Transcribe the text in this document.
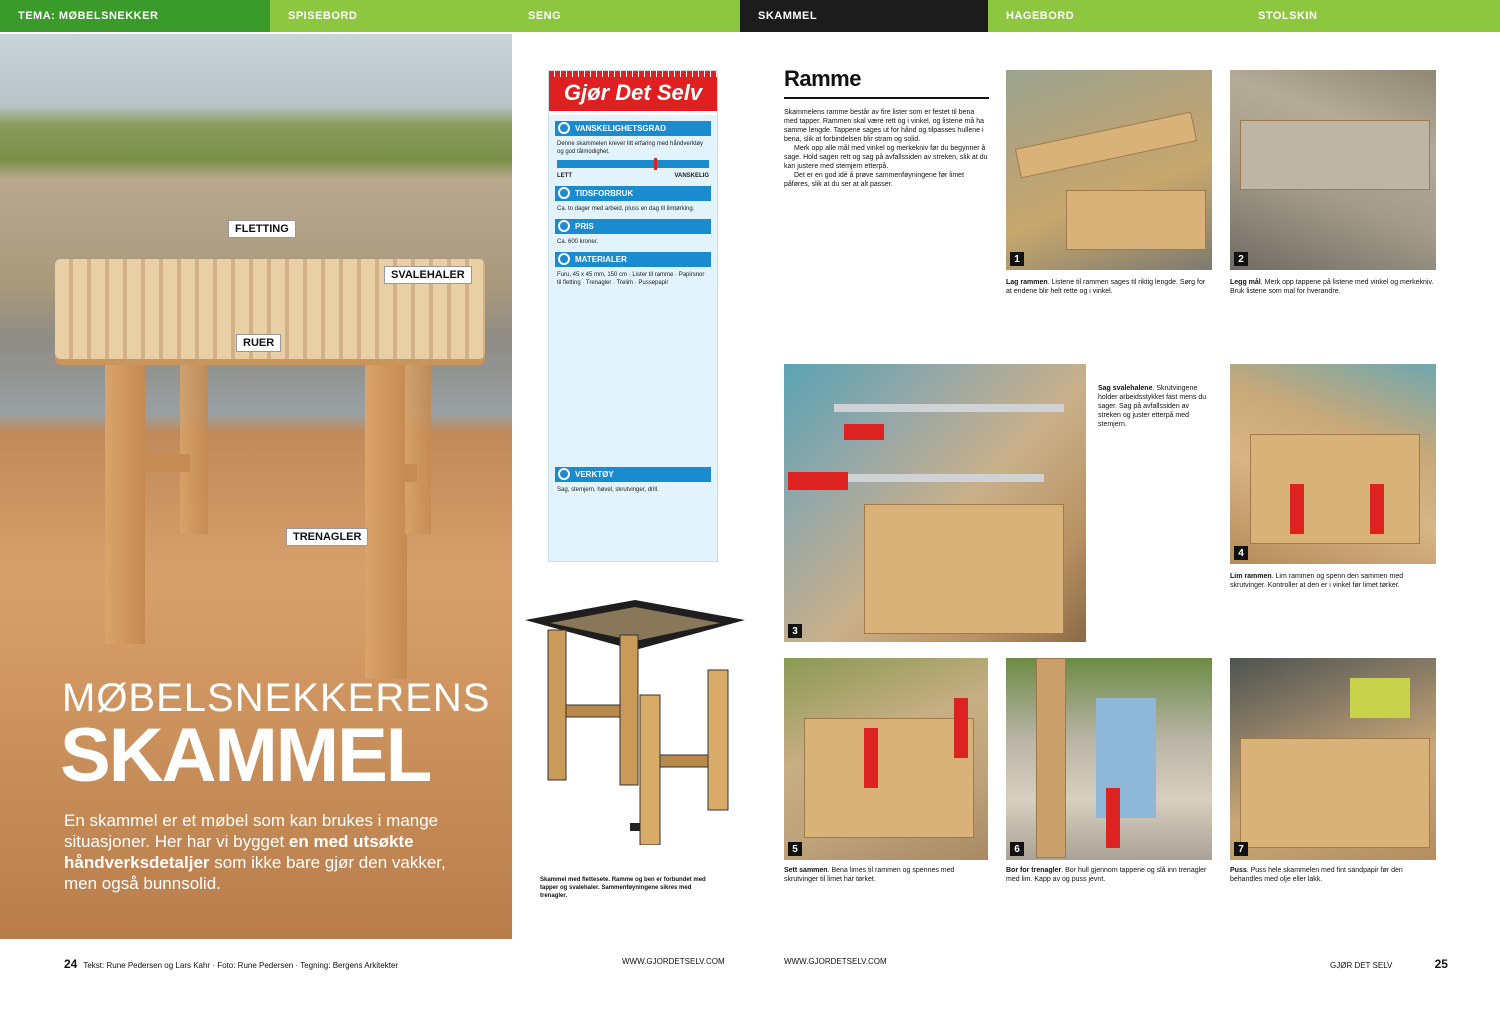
TEMA: MØBELSNEKKER	SPISEBORD	SENG	SKAMMEL	HAGEBORD	STOLSKIN
FLETTING
SVALEHALER
RUER
TRENAGLER
MØBELSNEKKERENS
SKAMMEL
En skammel er et møbel som kan brukes i mange situasjoner. Her har vi bygget en med utsøkte håndverksdetaljer som ikke bare gjør den vakker, men også bunnsolid.
24 Tekst: Rune Pedersen og Lars Kahr · Foto: Rune Pedersen · Tegning: Bergens Arkitekter	WWW.GJORDETSELV.COM
Gjør Det Selv
VANSKELIGHETSGRAD
Denne skammelen krever litt erfaring med håndverktøy og god tålmodighet.
LETT	VANSKELIG
TIDSFORBRUK
Ca. to dager med arbeid, pluss en dag til limtørking.
PRIS
Ca. 600 kroner.
MATERIALER
Furu, 45 x 45 mm, 150 cm · Lister til ramme · Papirsnor til fletting · Trenagler · Trelim · Pussepapir
VERKTØY
Sag, stemjern, høvel, skrutvinger, drill.
Skammel med flettesete. Ramme og ben er forbundet med tapper og svalehaler. Sammenføyningene sikres med trenagler.
Ramme

Skammelens ramme består av fire lister som er festet til bena med tapper. Rammen skal være rett og i vinkel, og listene må ha samme lengde. Tappene sages ut for hånd og tilpasses hullene i bena, slik at forbindelsen blir stram og solid.

Merk opp alle mål med vinkel og merkekniv før du begynner å sage. Hold sagen rett og sag på avfallssiden av streken, slik at du kan justere med stemjern etterpå.

Det er en god idé å prøve sammenføyningene før limet påføres, slik at du ser at alt passer.

1	2
3
4
5	6	7
Lag rammen. Listene til rammen sages til riktig lengde. Sørg for at endene blir helt rette og i vinkel.
Legg mål. Merk opp tappene på listene med vinkel og merkekniv. Bruk listene som mal for hverandre.
Sag svalehalene. Skrutvingene holder arbeidsstykket fast mens du sager. Sag på avfallssiden av streken og juster etterpå med stemjern.
Lim rammen. Lim rammen og spenn den sammen med skrutvinger. Kontroller at den er i vinkel før limet tørker.
Sett sammen. Bena limes til rammen og spennes med skrutvinger til limet har tørket.
Bor for trenagler. Bor hull gjennom tappene og slå inn trenagler med lim. Kapp av og puss jevnt.
Puss. Puss hele skammelen med fint sandpapir før den behandles med olje eller lakk.
WWW.GJORDETSELV.COM	GJØR DET SELV	25
